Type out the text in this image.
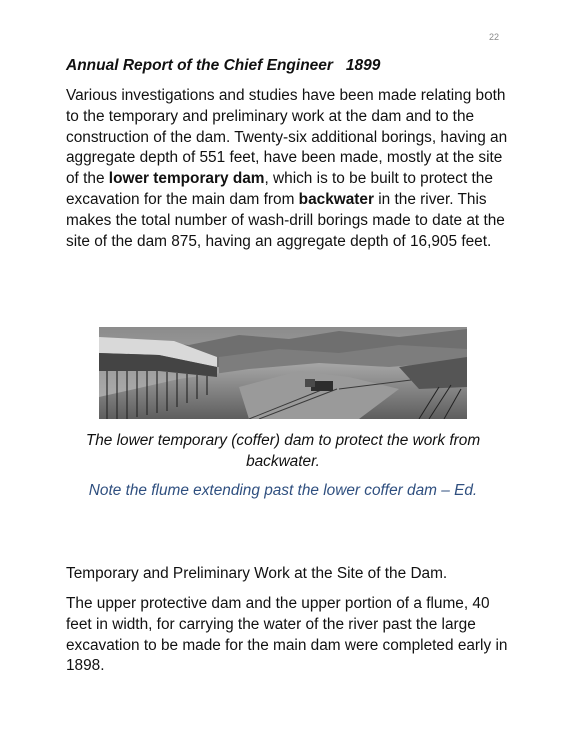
22
Annual Report of the Chief Engineer   1899

Various investigations and studies have been made relating both to the temporary and preliminary work at the dam and to the construction of the dam. Twenty-six additional borings, having an aggregate depth of 551 feet, have been made, mostly at the site of the lower temporary dam, which is to be built to protect the excavation for the main dam from backwater in the river. This makes the total number of wash-drill borings made to date at the site of the dam 875, having an aggregate depth of 16,905 feet.

The lower temporary (coffer) dam to protect the work from backwater.

Note the flume extending past the lower coffer dam – Ed.

Temporary and Preliminary Work at the Site of the Dam.

The upper protective dam and the upper portion of a flume, 40 feet in width, for carrying the water of the river past the large excavation to be made for the main dam were completed early in 1898.
